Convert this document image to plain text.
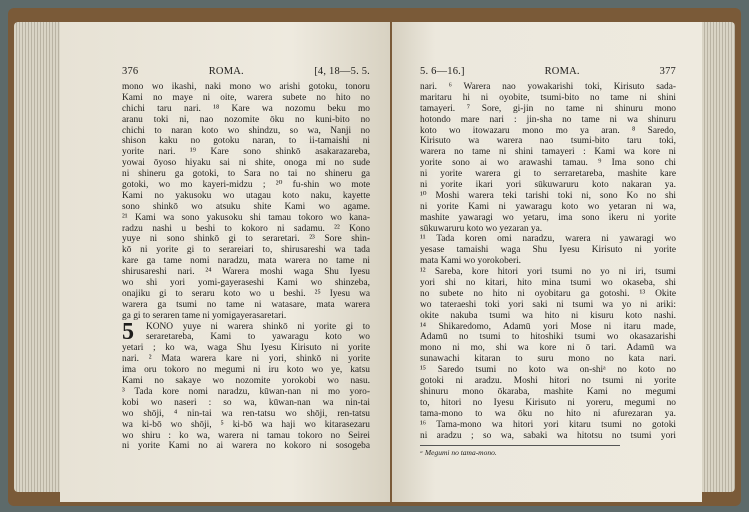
376	ROMA.	[4, 18—5. 5.
mono wo ikashi, naki mono wo arishi gotoku, tonoru
Kami no maye ni oite, warera subete no hito no
chichi taru nari. ¹⁸ Kare wa nozomu beku mo
aranu toki ni, nao nozomite ōku no kuni-bito no
chichi to naran koto wo shindzu, so wa, Nanji no
shison kaku no gotoku naran, to ii-tamaishi ni
yorite nari. ¹⁹ Kare sono shinkō asakarazareba,
yowai ōyoso hiyaku sai ni shite, onoga mi no sude
ni shineru ga gotoki, to Sara no tai no shineru ga
gotoki, wo mo kayeri-midzu ; ²⁰ fu-shin wo mote
Kami no yakusoku wo utagau koto naku, kayette
sono shinkō wo atsuku shite Kami wo agame.
²¹ Kami wa sono yakusoku shi tamau tokoro wo kana-
radzu nashi u beshi to kokoro ni sadamu. ²² Kono
yuye ni sono shinkō gi to seraretari. ²³ Sore shin-
kō ni yorite gi to serareiari to, shirusareshi wa tada
kare ga tame nomi naradzu, mata warera no tame ni
shirusareshi nari. ²⁴ Warera moshi waga Shu Iyesu
wo shi yori yomi-gayeraseshi Kami wo shinzeba,
onajiku gi to seraru koto wo u beshi. ²⁵ Iyesu wa
warera ga tsumi no tame ni watasare, mata warera
ga gi to seraren tame ni yomigayerasaretari.
5	KONO yuye ni warera shinkō ni yorite gi to
seraretareba, Kami to yawaragu koto wo
yetari ; ko wa, waga Shu Iyesu Kirisuto ni yorite
nari. ² Mata warera kare ni yori, shinkō ni yorite
ima oru tokoro no megumi ni iru koto wo ye, katsu
Kami no sakaye wo nozomite yorokobi wo nasu.
³ Tada kore nomi naradzu, kūwan-nan ni mo yoro-
kobi wo naseri : so wa, kūwan-nan wa nin-tai
wo shōji, ⁴ nin-tai wa ren-tatsu wo shōji, ren-tatsu
wa ki-bō wo shōji, ⁵ ki-bō wa haji wo kitarasezaru
wo shiru : ko wa, warera ni tamau tokoro no Seirei
ni yorite Kami no ai warera no kokoro ni sosogeba
5. 6—16.]	ROMA.	377
nari. ⁶ Warera nao yowakarishi toki, Kirisuto sada-
maritaru hi ni oyobite, tsumi-bito no tame ni shini
tamayeri. ⁷ Sore, gi-jin no tame ni shinuru mono
hotondo mare nari : jin-sha no tame ni wa shinuru
koto wo itowazaru mono mo ya aran. ⁸ Saredo,
Kirisuto wa warera nao tsumi-bito taru toki,
warera no tame ni shini tamayeri : Kami wa kore ni
yorite sono ai wo arawashi tamau. ⁹ Ima sono chi
ni yorite warera gi to serraretareba, mashite kare
ni yorite ikari yori sūkuwaruru koto nakaran ya.
¹⁰ Moshi warera teki tarishi toki ni, sono Ko no shi
ni yorite Kami ni yawaragu koto wo yetaran ni wa,
mashite yawaragi wo yetaru, ima sono ikeru ni yorite
sūkuwaruru koto wo yezaran ya.
¹¹ Tada koren omi naradzu, warera ni yawaragi wo
yesase tamaishi waga Shu Iyesu Kirisuto ni yorite
mata Kami wo yorokoberi.
¹² Sareba, kore hitori yori tsumi no yo ni iri, tsumi
yori shi no kitari, hito mina tsumi wo okaseba, shi
no subete no hito ni oyobitaru ga gotoshi. ¹³ Okite
wo tateraeshi toki yori saki ni tsumi wa yo ni ariki:
okite nakuba tsumi wa hito ni kisuru koto nashi.
¹⁴ Shikaredomo, Adamū yori Mose ni itaru made,
Adamū no tsumi to hitoshiki tsumi wo okasazarishi
mono ni mo, shi wa kore ni ō tari. Adamū wa
sunawachi kitaran to suru mono no kata nari.
¹⁵ Saredo tsumi no koto wa on-shiᵃ no koto no
gotoki ni aradzu. Moshi hitori no tsumi ni yorite
shinuru mono ōkaraba, mashite Kami no megumi
to, hitori no Iyesu Kirisuto ni yoreru, megumi no
tama-mono to wa ōku no hito ni afurezaran ya.
¹⁶ Tama-mono wa hitori yori kitaru tsumi no gotoki
ni aradzu ; so wa, sabaki wa hitotsu no tsumi yori
ᵃ Megumi no tama-mono.
